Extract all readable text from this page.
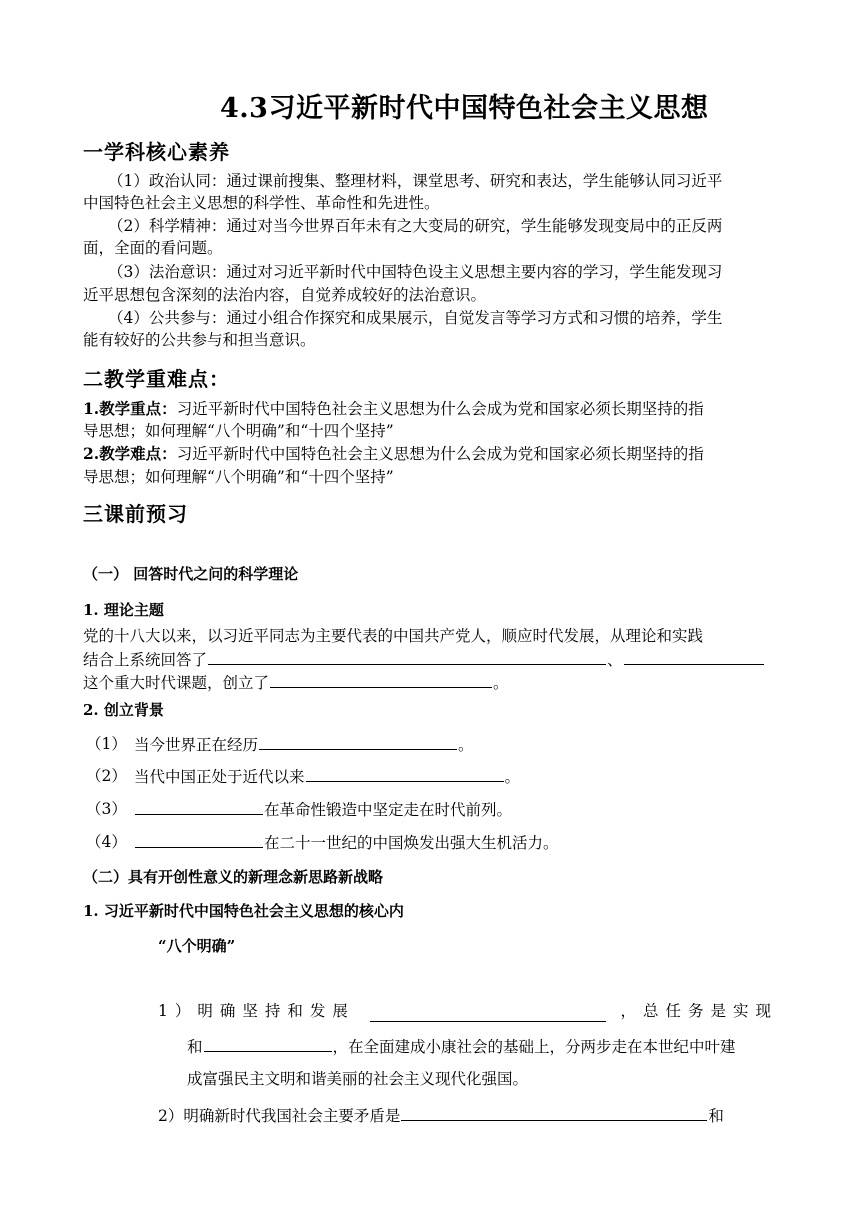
4.3习近平新时代中国特色社会主义思想
一学科核心素养
（1）政治认同：通过课前搜集、整理材料，课堂思考、研究和表达，学生能够认同习近平
中国特色社会主义思想的科学性、革命性和先进性。
（2）科学精神：通过对当今世界百年未有之大变局的研究，学生能够发现变局中的正反两
面，全面的看问题。
（3）法治意识：通过对习近平新时代中国特色设主义思想主要内容的学习，学生能发现习
近平思想包含深刻的法治内容，自觉养成较好的法治意识。
（4）公共参与：通过小组合作探究和成果展示，自觉发言等学习方式和习惯的培养，学生
能有较好的公共参与和担当意识。
二教学重难点：
1.教学重点：习近平新时代中国特色社会主义思想为什么会成为党和国家必须长期坚持的指
导思想；如何理解“八个明确”和“十四个坚持”
2.教学难点：习近平新时代中国特色社会主义思想为什么会成为党和国家必须长期坚持的指
导思想；如何理解“八个明确”和“十四个坚持”
三课前预习
（一） 回答时代之问的科学理论
1. 理论主题
党的十八大以来，以习近平同志为主要代表的中国共产党人，顺应时代发展，从理论和实践
结合上系统回答了	、
这个重大时代课题，创立了	。
2. 创立背景
（1） 当今世界正在经历	。
（2） 当代中国正处于近代以来	。
（3）	在革命性锻造中坚定走在时代前列。
（4）	在二十一世纪的中国焕发出强大生机活力。
（二）具有开创性意义的新理念新思路新战略
1. 习近平新时代中国特色社会主义思想的核心内
“八个明确”
1）明确坚持和发展	，总任务是实现
和	，在全面建成小康社会的基础上，分两步走在本世纪中叶建
成富强民主文明和谐美丽的社会主义现代化强国。
2）明确新时代我国社会主要矛盾是	和
